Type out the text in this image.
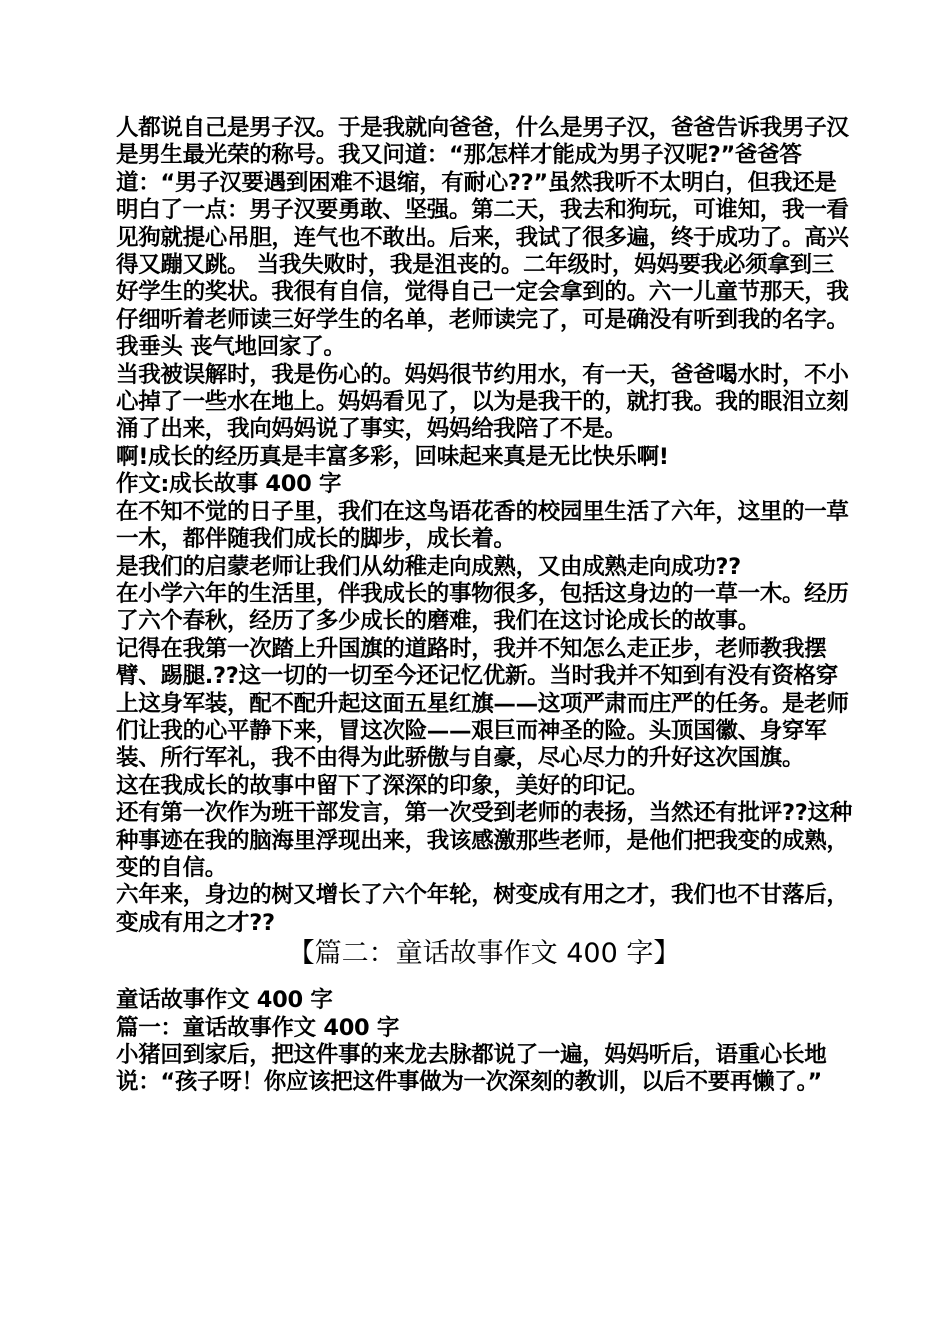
人都说自己是男子汉。于是我就向爸爸，什么是男子汉，爸爸告诉我男子汉是男生最光荣的称号。我又问道：“那怎样才能成为男子汉呢?”爸爸答道：“男子汉要遇到困难不退缩，有耐心??”虽然我听不太明白，但我还是明白了一点：男子汉要勇敢、坚强。第二天，我去和狗玩，可谁知，我一看见狗就提心吊胆，连气也不敢出。后来，我试了很多遍，终于成功了。高兴得又蹦又跳。 当我失败时，我是沮丧的。二年级时，妈妈要我必须拿到三好学生的奖状。我很有自信，觉得自己一定会拿到的。六一儿童节那天，我仔细听着老师读三好学生的名单，老师读完了，可是确没有听到我的名字。我垂头 丧气地回家了。

当我被误解时，我是伤心的。妈妈很节约用水，有一天，爸爸喝水时，不小心掉了一些水在地上。妈妈看见了，以为是我干的，就打我。我的眼泪立刻涌了出来，我向妈妈说了事实，妈妈给我陪了不是。

啊!成长的经历真是丰富多彩，回味起来真是无比快乐啊!

作文:成长故事 400 字

在不知不觉的日子里，我们在这鸟语花香的校园里生活了六年，这里的一草一木，都伴随我们成长的脚步，成长着。

是我们的启蒙老师让我们从幼稚走向成熟，又由成熟走向成功??

在小学六年的生活里，伴我成长的事物很多，包括这身边的一草一木。经历了六个春秋，经历了多少成长的磨难，我们在这讨论成长的故事。

记得在我第一次踏上升国旗的道路时，我并不知怎么走正步，老师教我摆臂、踢腿.??这一切的一切至今还记忆优新。当时我并不知到有没有资格穿上这身军装，配不配升起这面五星红旗——这项严肃而庄严的任务。是老师们让我的心平静下来，冒这次险——艰巨而神圣的险。头顶国徽、身穿军装、所行军礼，我不由得为此骄傲与自豪，尽心尽力的升好这次国旗。

这在我成长的故事中留下了深深的印象，美好的印记。

还有第一次作为班干部发言，第一次受到老师的表扬，当然还有批评??这种种事迹在我的脑海里浮现出来，我该感激那些老师，是他们把我变的成熟，变的自信。

六年来，身边的树又增长了六个年轮，树变成有用之才，我们也不甘落后，变成有用之才??

【篇二：童话故事作文 400 字】

童话故事作文 400 字

篇一：童话故事作文 400 字

小猪回到家后，把这件事的来龙去脉都说了一遍，妈妈听后，语重心长地说：“孩子呀！你应该把这件事做为一次深刻的教训，以后不要再懒了。”
